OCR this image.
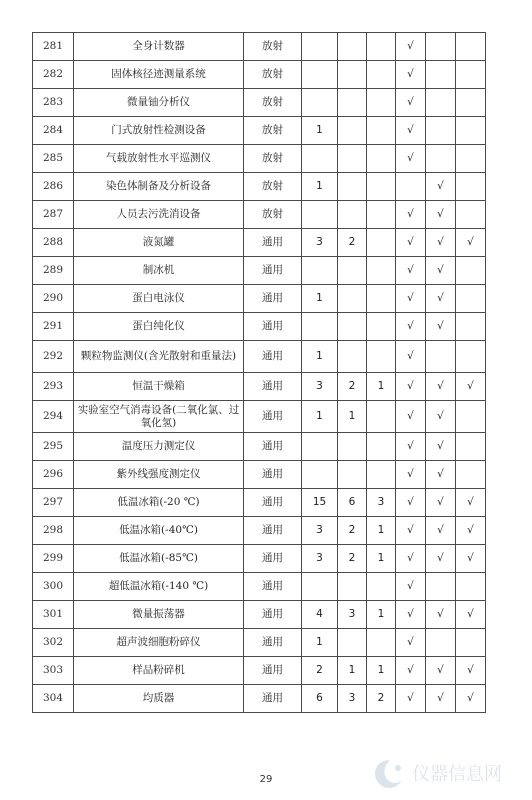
281	全身计数器	放射				√		
282	固体核径迹测量系统	放射				√		
283	微量铀分析仪	放射				√		
284	门式放射性检测设备	放射	1			√		
285	气载放射性水平巡测仪	放射				√		
286	染色体制备及分析设备	放射	1				√	
287	人员去污洗消设备	放射				√	√	
288	液氮罐	通用	3	2		√	√	√
289	制冰机	通用				√	√	
290	蛋白电泳仪	通用	1			√	√	
291	蛋白纯化仪	通用				√	√	
292	颗粒物监测仪(含光散射和重量法)	通用	1			√		
293	恒温干燥箱	通用	3	2	1	√	√	√
294	实验室空气消毒设备(二氧化氯、过氧化氢)	通用	1	1		√	√	
295	温度压力测定仪	通用				√	√	
296	紫外线强度测定仪	通用				√	√	
297	低温冰箱(-20 ℃)	通用	15	6	3	√	√	√
298	低温冰箱(-40℃)	通用	3	2	1	√	√	√
299	低温冰箱(-85℃)	通用	3	2	1	√	√	√
300	超低温冰箱(-140 ℃)	通用				√		
301	微量振荡器	通用	4	3	1	√	√	√
302	超声波细胞粉碎仪	通用	1			√		
303	样品粉碎机	通用	2	1	1	√	√	√
304	均质器	通用	6	3	2	√	√	√
29	仪器信息网
